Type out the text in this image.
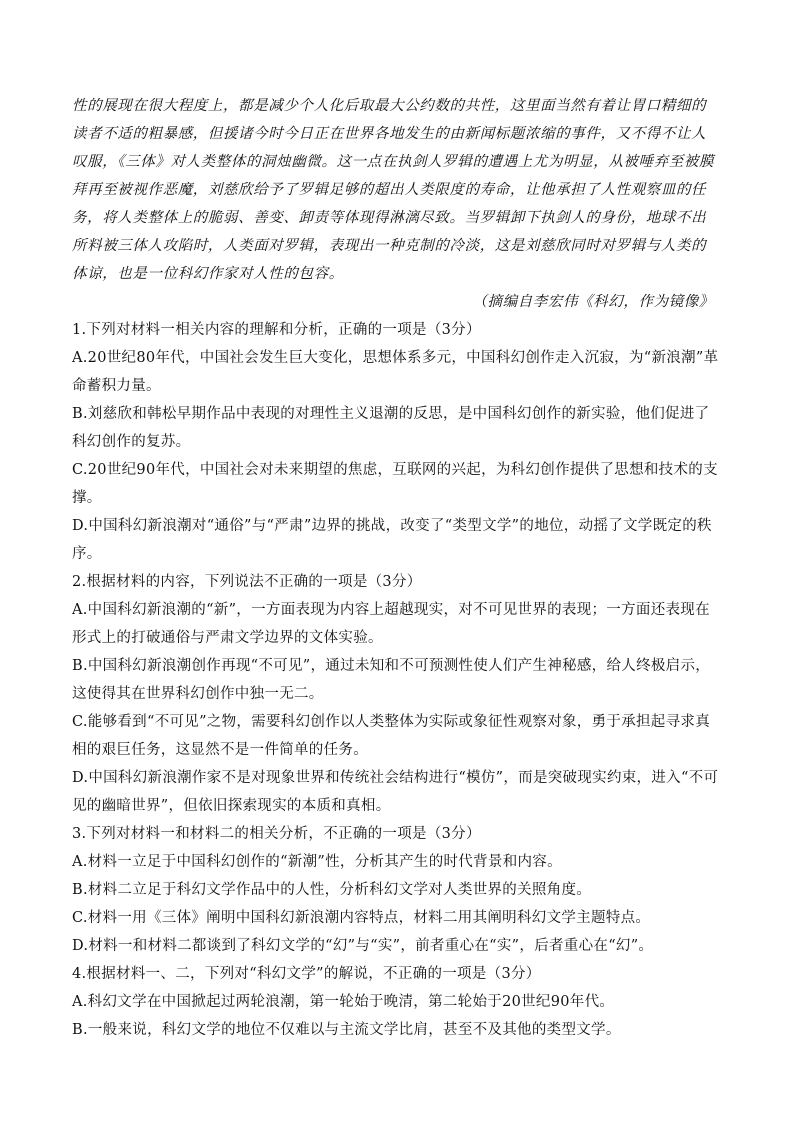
性的展现在很大程度上，都是减少个人化后取最大公约数的共性，这里面当然有着让胃口精细的读者不适的粗暴感，但援诸今时今日正在世界各地发生的由新闻标题浓缩的事件，又不得不让人叹服，《三体》对人类整体的洞烛幽微。这一点在执剑人罗辑的遭遇上尤为明显，从被唾弃至被膜拜再至被视作恶魔，刘慈欣给予了罗辑足够的超出人类限度的寿命，让他承担了人性观察皿的任务，将人类整体上的脆弱、善变、卸责等体现得淋漓尽致。当罗辑卸下执剑人的身份，地球不出所料被三体人攻陷时，人类面对罗辑，表现出一种克制的冷淡，这是刘慈欣同时对罗辑与人类的体谅，也是一位科幻作家对人性的包容。

（摘编自李宏伟《科幻，作为镜像》

1.下列对材料一相关内容的理解和分析，正确的一项是（3分）

A.20世纪80年代，中国社会发生巨大变化，思想体系多元，中国科幻创作走入沉寂，为“新浪潮”革命蓄积力量。

B.刘慈欣和韩松早期作品中表现的对理性主义退潮的反思，是中国科幻创作的新实验，他们促进了科幻创作的复苏。

C.20世纪90年代，中国社会对未来期望的焦虑，互联网的兴起，为科幻创作提供了思想和技术的支撑。

D.中国科幻新浪潮对“通俗”与“严肃”边界的挑战，改变了“类型文学”的地位，动摇了文学既定的秩序。

2.根据材料的内容，下列说法不正确的一项是（3分）

A.中国科幻新浪潮的“新”，一方面表现为内容上超越现实，对不可见世界的表现；一方面还表现在形式上的打破通俗与严肃文学边界的文体实验。

B.中国科幻新浪潮创作再现“不可见”，通过未知和不可预测性使人们产生神秘感，给人终极启示，这使得其在世界科幻创作中独一无二。

C.能够看到“不可见”之物，需要科幻创作以人类整体为实际或象征性观察对象，勇于承担起寻求真相的艰巨任务，这显然不是一件简单的任务。

D.中国科幻新浪潮作家不是对现象世界和传统社会结构进行“模仿”，而是突破现实约束，进入“不可见的幽暗世界”，但依旧探索现实的本质和真相。

3.下列对材料一和材料二的相关分析，不正确的一项是（3分）

A.材料一立足于中国科幻创作的“新潮”性，分析其产生的时代背景和内容。

B.材料二立足于科幻文学作品中的人性，分析科幻文学对人类世界的关照角度。

C.材料一用《三体》阐明中国科幻新浪潮内容特点，材料二用其阐明科幻文学主题特点。

D.材料一和材料二都谈到了科幻文学的“幻”与“实”，前者重心在“实”，后者重心在“幻”。

4.根据材料一、二，下列对“科幻文学”的解说，不正确的一项是（3分）

A.科幻文学在中国掀起过两轮浪潮，第一轮始于晚清，第二轮始于20世纪90年代。

B.一般来说，科幻文学的地位不仅难以与主流文学比肩，甚至不及其他的类型文学。
